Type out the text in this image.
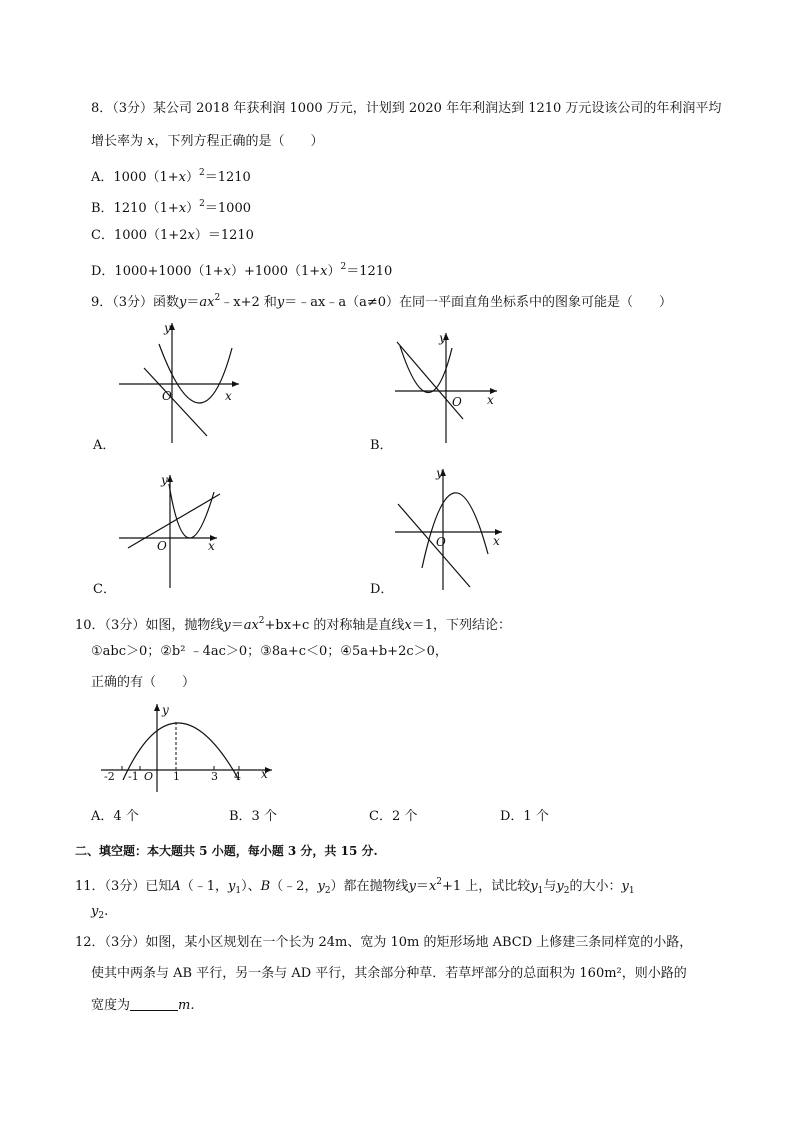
8．（3分）某公司 2018 年获利润 1000 万元，计划到 2020 年年利润达到 1210 万元设该公司的年利润平均
增长率为 x，下列方程正确的是（　　）
A．$1000(1+x)^2=1210$
B．$1210(1+x)^2=1000$
C．1000（1+2x）＝1210
D．$1000+1000(1+x)+1000(1+x)^2=1210$
9．（3分）函数$y=ax^2﹣x+2$ 和y＝﹣ax﹣a（a≠0）在同一平面直角坐标系中的图象可能是（　　）
x
y
O
A．
x
y
O
B．
x
y
O
C．
x
y
O
D．
10．（3分）如图，抛物线$y=ax^2+bx+c$ 的对称轴是直线x＝1，下列结论：
①abc＞0；②b² ﹣4ac＞0；③8a+c＜0；④5a+b+2c＞0，
正确的有（　　）
x
y
-2 -1 O 1	3 4
A．4 个	B．3 个	C．2 个	D．1 个
二、填空题：本大题共 5 小题，每小题 3 分，共 15 分.
11．（3分）已知A（﹣1，$y_1$）、B（﹣2，$y_2$）都在抛物线$y=x^2+1$ 上，试比较$y_1$与$y_2$的大小：$y_1$
$y_2$.
12．（3分）如图，某小区规划在一个长为 24m、宽为 10m 的矩形场地 ABCD 上修建三条同样宽的小路，
使其中两条与 AB 平行，另一条与 AD 平行，其余部分种草．若草坪部分的总面积为 160m²，则小路的
宽度为	m.
